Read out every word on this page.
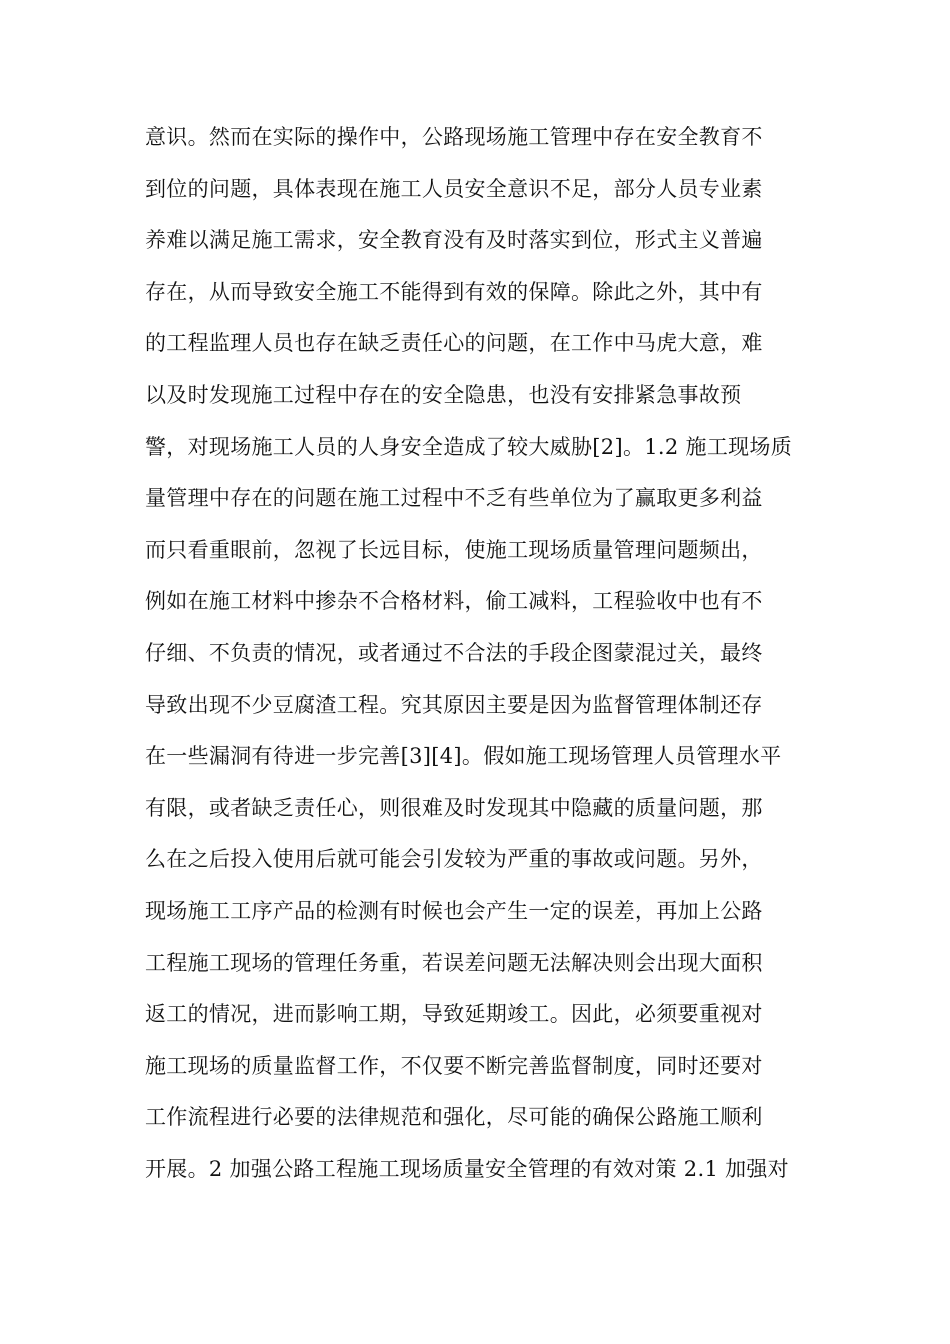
意识。然而在实际的操作中，公路现场施工管理中存在安全教育不
到位的问题，具体表现在施工人员安全意识不足，部分人员专业素
养难以满足施工需求，安全教育没有及时落实到位，形式主义普遍
存在，从而导致安全施工不能得到有效的保障。除此之外，其中有
的工程监理人员也存在缺乏责任心的问题，在工作中马虎大意，难
以及时发现施工过程中存在的安全隐患，也没有安排紧急事故预
警，对现场施工人员的人身安全造成了较大威胁[2]。1.2 施工现场质
量管理中存在的问题在施工过程中不乏有些单位为了赢取更多利益
而只看重眼前，忽视了长远目标，使施工现场质量管理问题频出，
例如在施工材料中掺杂不合格材料，偷工减料，工程验收中也有不
仔细、不负责的情况，或者通过不合法的手段企图蒙混过关，最终
导致出现不少豆腐渣工程。究其原因主要是因为监督管理体制还存
在一些漏洞有待进一步完善[3][4]。假如施工现场管理人员管理水平
有限，或者缺乏责任心，则很难及时发现其中隐藏的质量问题，那
么在之后投入使用后就可能会引发较为严重的事故或问题。另外，
现场施工工序产品的检测有时候也会产生一定的误差，再加上公路
工程施工现场的管理任务重，若误差问题无法解决则会出现大面积
返工的情况，进而影响工期，导致延期竣工。因此，必须要重视对
施工现场的质量监督工作，不仅要不断完善监督制度，同时还要对
工作流程进行必要的法律规范和强化，尽可能的确保公路施工顺利
开展。2 加强公路工程施工现场质量安全管理的有效对策 2.1 加强对
